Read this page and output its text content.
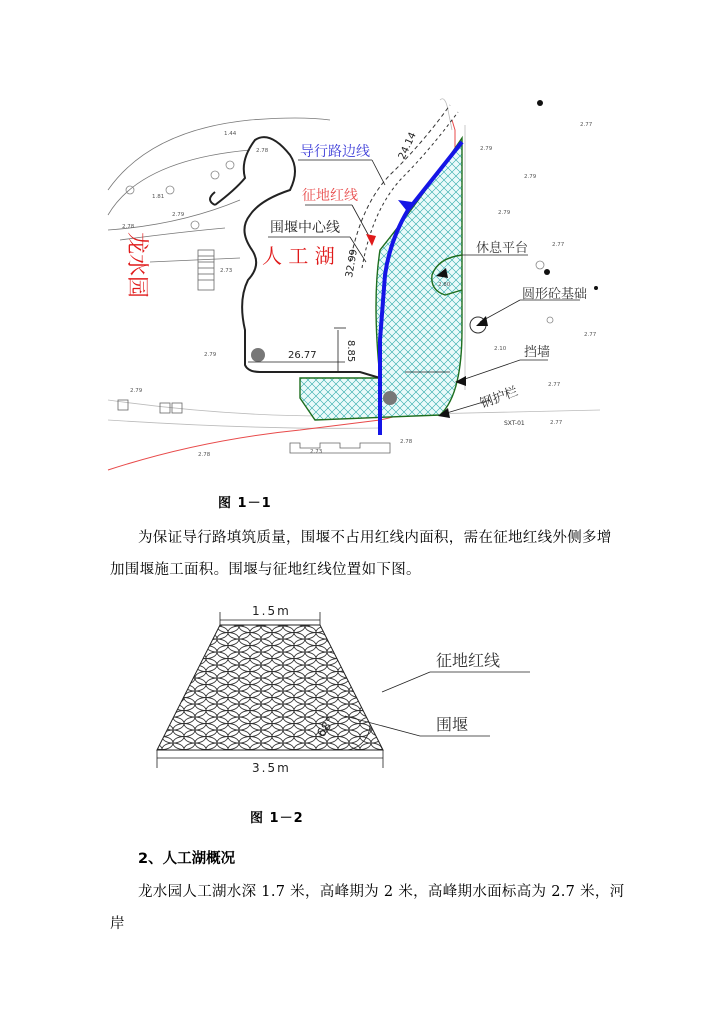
导行路边线
征地红线
围堰中心线
人 工 湖
龙水园	休息平台
圆形砼基础
挡墙
钢护栏
24.14
32.99
26.77	8.85
SXT-01
1.44
2.78
1.81
2.78
2.79
2.73
2.79
2.77
2.79
2.77
2.79
2.79
2.79
2.77
2.78	2.73
2.78
2.77
2.80
2.10
2.77
图 1－1
为保证导行路填筑质量，围堰不占用红线内面积，需在征地红线外侧多增
加围堰施工面积。围堰与征地红线位置如下图。
1.5m
3.5m
68°
征地红线
围堰
图 1－2
2、人工湖概况
龙水园人工湖水深 1.7 米，高峰期为 2 米，高峰期水面标高为 2.7 米，河岸
